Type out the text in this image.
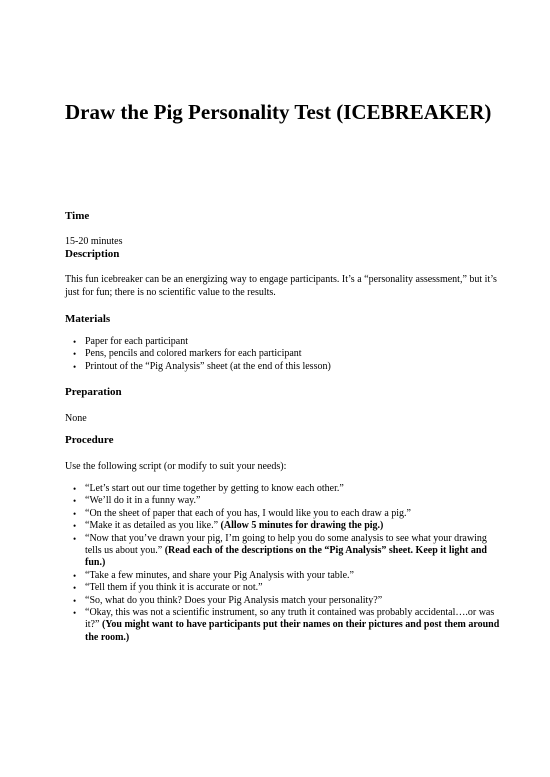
Draw the Pig Personality Test (ICEBREAKER)
Time

15-20 minutes

Description

This fun icebreaker can be an energizing way to engage participants. It’s a “personality assessment,” but it’s just for fun; there is no scientific value to the results.

Materials
• Paper for each participant
• Pens, pencils and colored markers for each participant
• Printout of the “Pig Analysis” sheet (at the end of this lesson)
Preparation

None

Procedure

Use the following script (or modify to suit your needs):

• “Let’s start out our time together by getting to know each other.”
• “We’ll do it in a funny way.”
• “On the sheet of paper that each of you has, I would like you to each draw a pig.”
• “Make it as detailed as you like.” (Allow 5 minutes for drawing the pig.)
• “Now that you’ve drawn your pig, I’m going to help you do some analysis to see what your drawing tells us about you.” (Read each of the descriptions on the “Pig Analysis” sheet. Keep it light and fun.)
• “Take a few minutes, and share your Pig Analysis with your table.”
• “Tell them if you think it is accurate or not.”
• “So, what do you think? Does your Pig Analysis match your personality?”
• “Okay, this was not a scientific instrument, so any truth it contained was probably accidental….or was it?” (You might want to have participants put their names on their pictures and post them around the room.)
